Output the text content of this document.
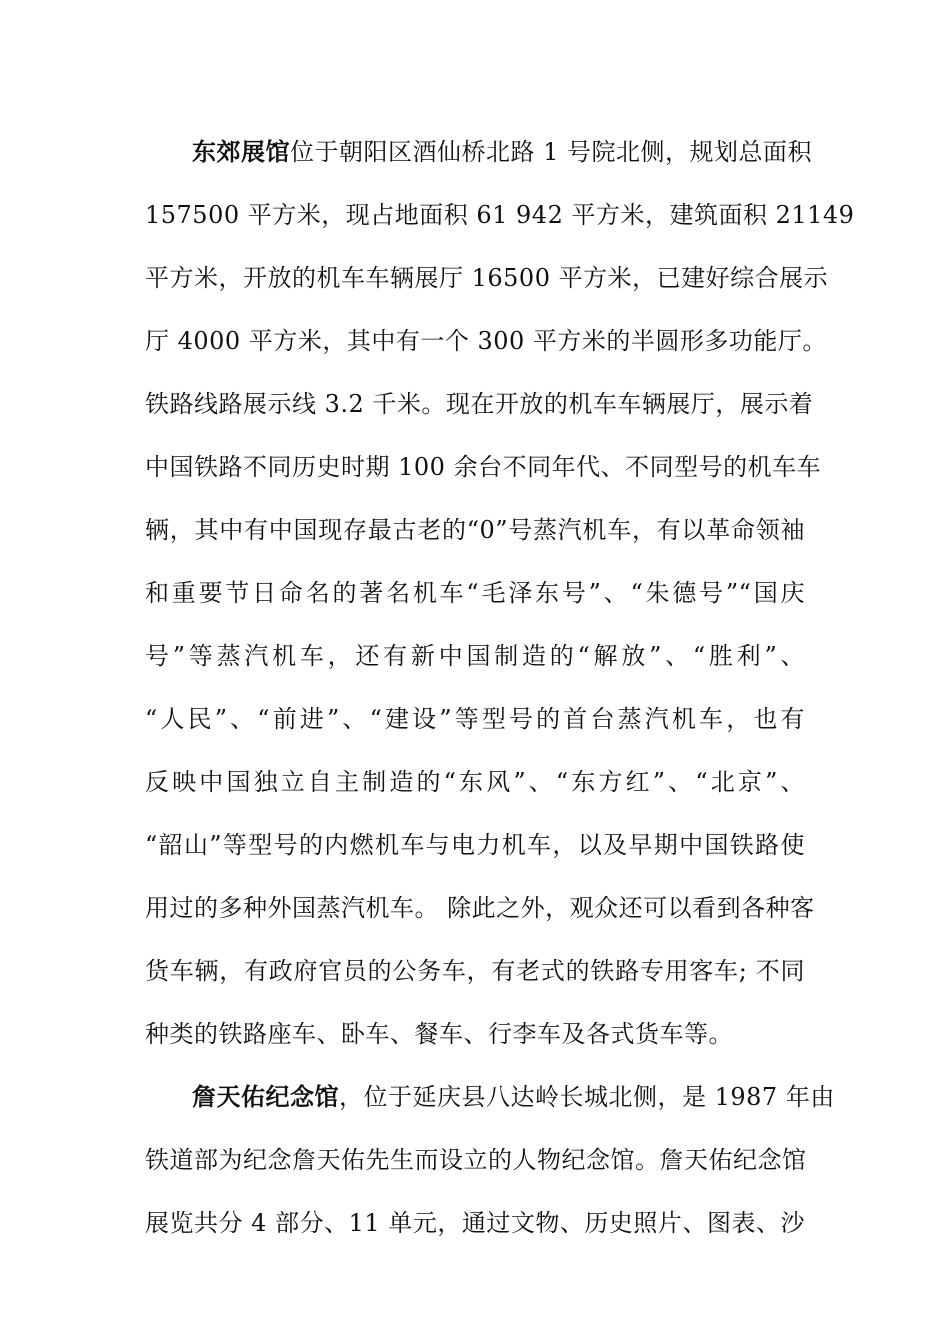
东郊展馆位于朝阳区酒仙桥北路 1 号院北侧，规划总面积
157500 平方米，现占地面积 61 942 平方米，建筑面积 21149
平方米，开放的机车车辆展厅 16500 平方米，已建好综合展示
厅 4000 平方米，其中有一个 300 平方米的半圆形多功能厅。
铁路线路展示线 3.2 千米。现在开放的机车车辆展厅，展示着
中国铁路不同历史时期 100 余台不同年代、不同型号的机车车
辆，其中有中国现存最古老的“0”号蒸汽机车，有以革命领袖
和重要节日命名的著名机车“毛泽东号”、“朱德号”“国庆
号”等蒸汽机车，还有新中国制造的“解放”、“胜利”、
“人民”、“前进”、“建设”等型号的首台蒸汽机车，也有
反映中国独立自主制造的“东风”、“东方红”、“北京”、
“韶山”等型号的内燃机车与电力机车，以及早期中国铁路使
用过的多种外国蒸汽机车。 除此之外，观众还可以看到各种客
货车辆，有政府官员的公务车，有老式的铁路专用客车; 不同
种类的铁路座车、卧车、餐车、行李车及各式货车等。
詹天佑纪念馆，位于延庆县八达岭长城北侧，是 1987 年由
铁道部为纪念詹天佑先生而设立的人物纪念馆。詹天佑纪念馆
展览共分 4 部分、11 单元，通过文物、历史照片、图表、沙
